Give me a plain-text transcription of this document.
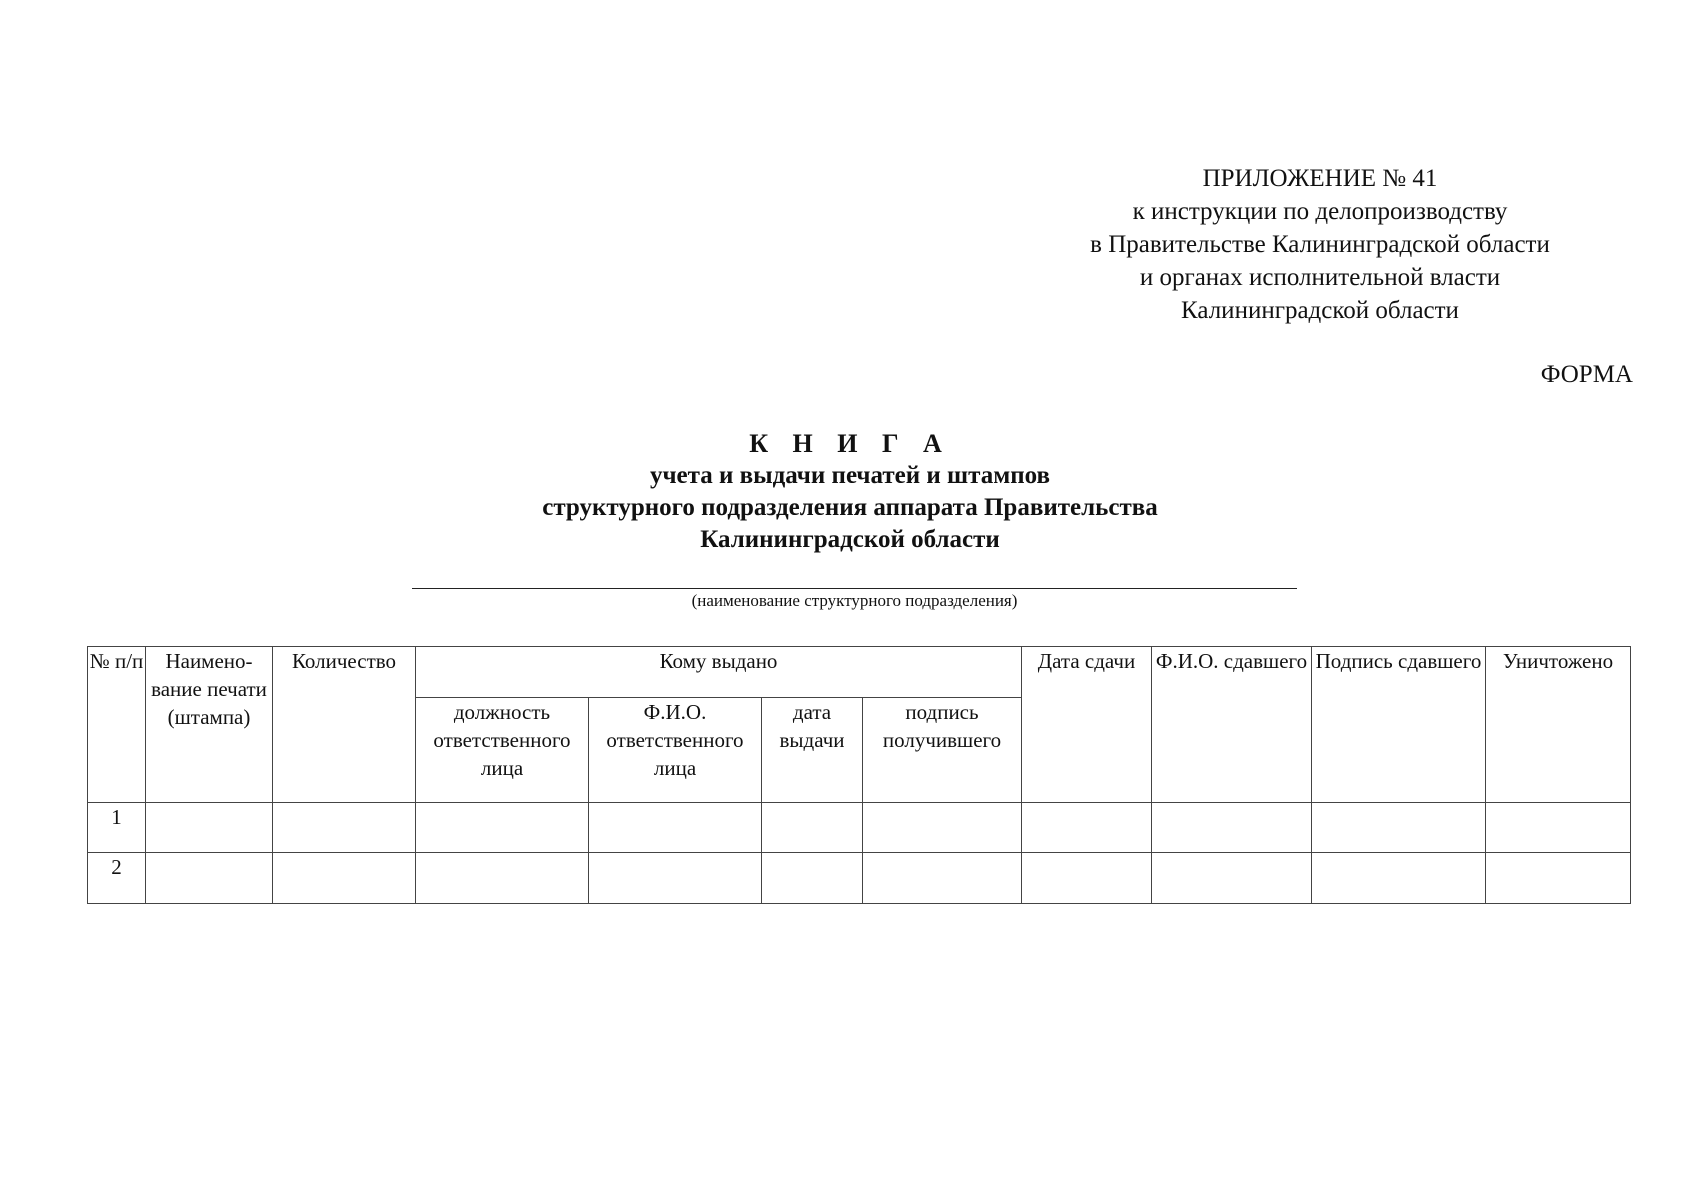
ПРИЛОЖЕНИЕ № 41
к инструкции по делопроизводству
в Правительстве Калининградской области
и органах исполнительной власти
Калининградской области
ФОРМА
К Н И Г А
учета и выдачи печатей и штампов
структурного подразделения аппарата Правительства
Калининградской области
(наименование структурного подразделения)
№ п/п	Наимено-вание печати (штампа)	Количество	Кому выдано				Дата сдачи	Ф.И.О. сдавшего	Подпись сдавшего	Уничтожено
			должность ответственного лица	Ф.И.О. ответственного лица	дата выдачи	подпись получившего				
1										
2										
